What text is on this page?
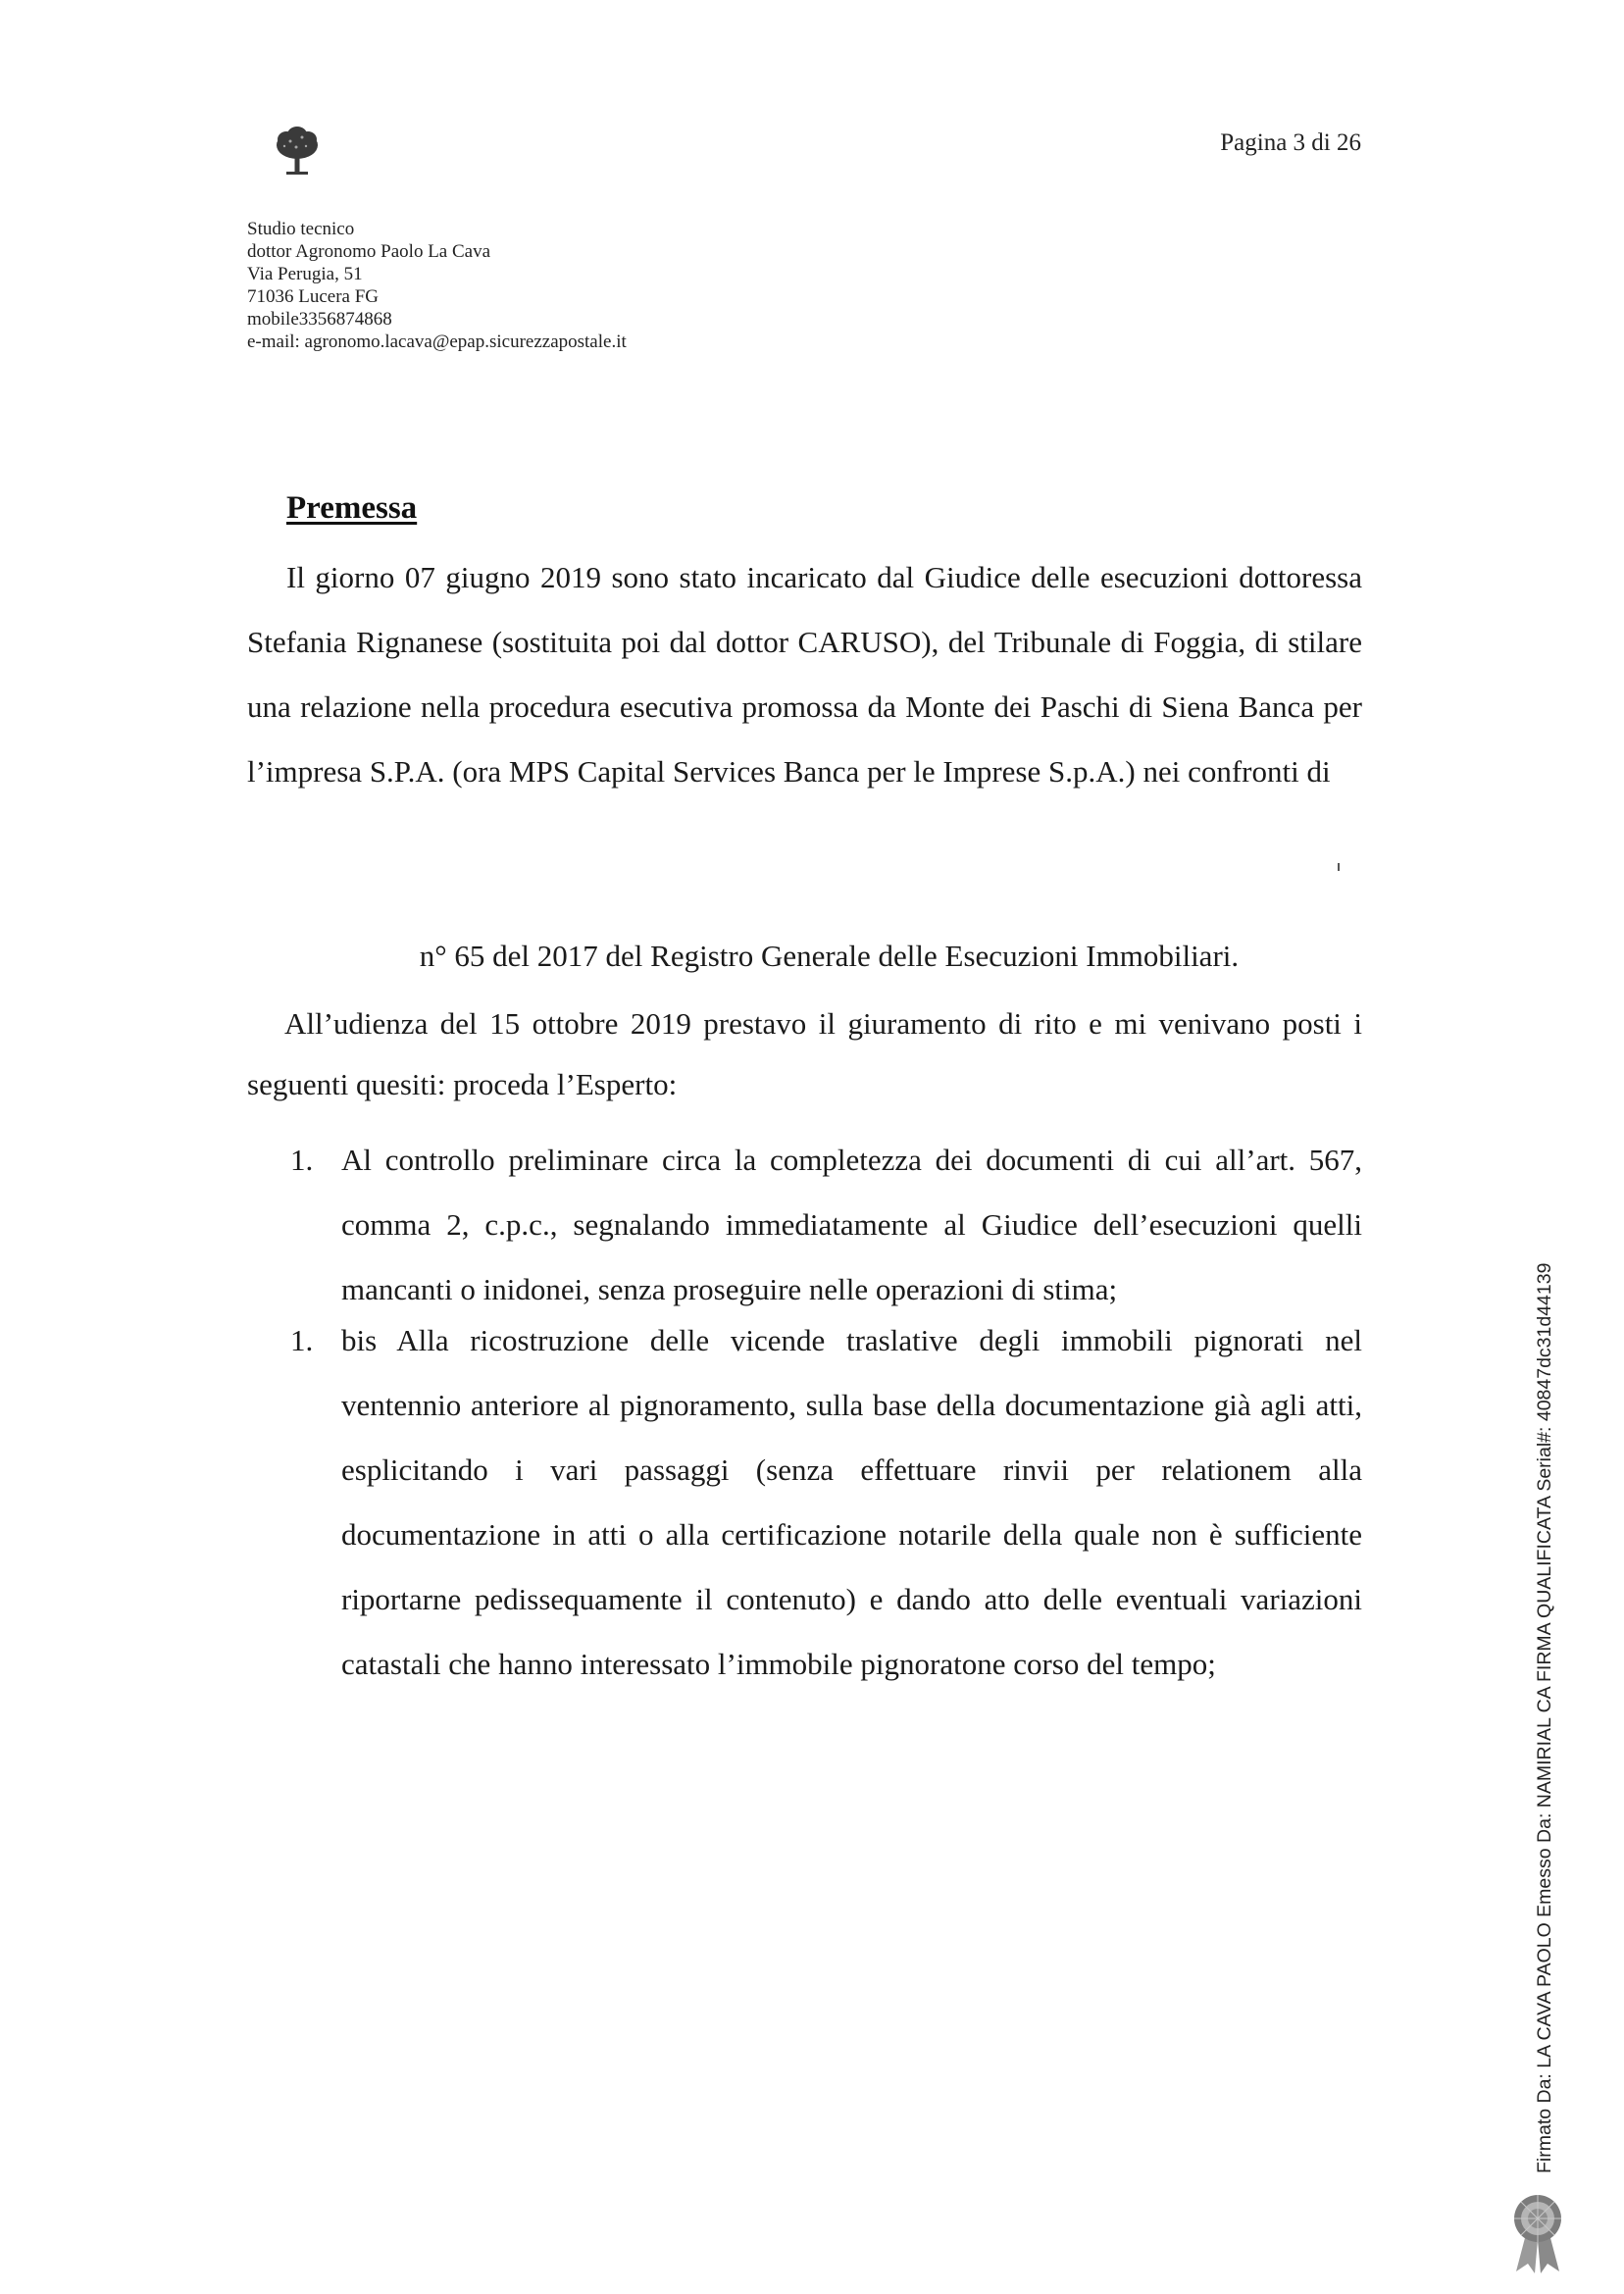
Pagina 3 di 26
Studio tecnico
dottor Agronomo Paolo La Cava
Via Perugia, 51
71036 Lucera FG
mobile3356874868
e-mail: agronomo.lacava@epap.sicurezzapostale.it
Premessa

Il giorno 07 giugno 2019 sono stato incaricato dal Giudice delle esecuzioni dottoressa Stefania Rignanese (sostituita poi dal dottor CARUSO), del Tribunale di Foggia, di stilare una relazione nella procedura esecutiva promossa da Monte dei Paschi di Siena Banca per l’impresa S.P.A. (ora MPS Capital Services Banca per le Imprese S.p.A.) nei confronti di

n° 65 del 2017 del Registro Generale delle Esecuzioni Immobiliari.

All’udienza del 15 ottobre 2019 prestavo il giuramento di rito e mi venivano posti i seguenti quesiti: proceda l’Esperto:

1. Al controllo preliminare circa la completezza dei documenti di cui all’art. 567, comma 2, c.p.c., segnalando immediatamente al Giudice dell’esecuzioni quelli mancanti o inidonei, senza proseguire nelle operazioni di stima;
1. bis Alla ricostruzione delle vicende traslative degli immobili pignorati nel ventennio anteriore al pignoramento, sulla base della documentazione già agli atti, esplicitando i vari passaggi (senza effettuare rinvii per relationem alla documentazione in atti o alla certificazione notarile della quale non è sufficiente riportarne pedissequamente il contenuto) e dando atto delle eventuali variazioni catastali che hanno interessato l’immobile pignoratone corso del tempo;	Firmato Da: LA CAVA PAOLO Emesso Da: NAMIRIAL CA FIRMA QUALIFICATA Serial#: 40847dc31d44139
